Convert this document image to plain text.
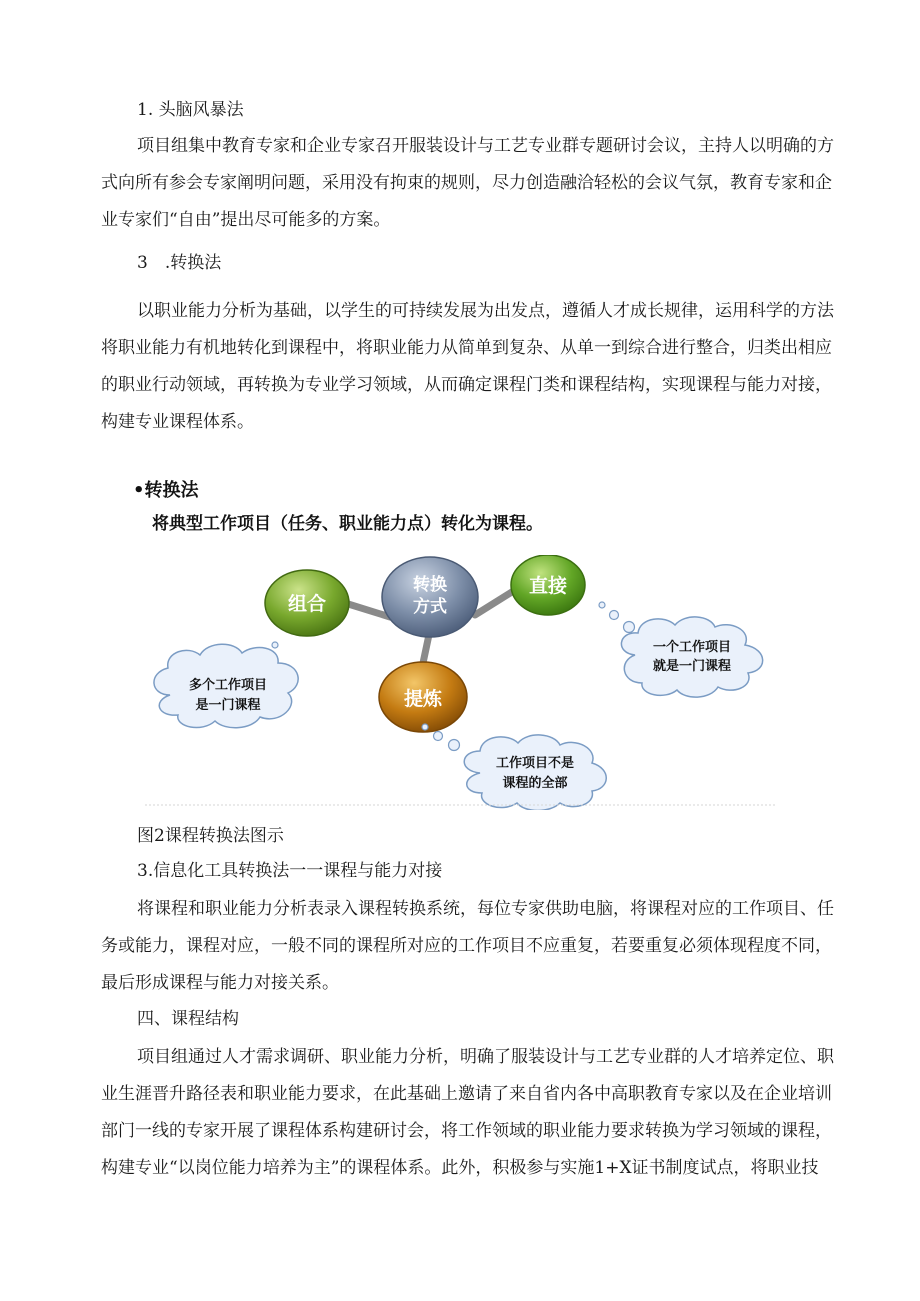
1. 头脑风暴法
项目组集中教育专家和企业专家召开服装设计与工艺专业群专题研讨会议，主持人以明确的方
式向所有参会专家阐明问题，采用没有拘束的规则，尽力创造融洽轻松的会议气氛，教育专家和企
业专家们“自由”提出尽可能多的方案。
3　.转换法
以职业能力分析为基础，以学生的可持续发展为出发点，遵循人才成长规律，运用科学的方法
将职业能力有机地转化到课程中，将职业能力从简单到复杂、从单一到综合进行整合，归类出相应
的职业行动领域，再转换为专业学习领域，从而确定课程门类和课程结构，实现课程与能力对接，
构建专业课程体系。
•转换法
将典型工作项目（任务、职业能力点）转化为课程。
转换
方式
组合
直接
提炼
多个工作项目
是一门课程
一个工作项目
就是一门课程
工作项目不是
课程的全部
图2课程转换法图示
3.信息化工具转换法一一课程与能力对接
将课程和职业能力分析表录入课程转换系统，每位专家供助电脑，将课程对应的工作项目、任
务或能力，课程对应，一般不同的课程所对应的工作项目不应重复，若要重复必须体现程度不同，
最后形成课程与能力对接关系。
四、课程结构
项目组通过人才需求调研、职业能力分析，明确了服装设计与工艺专业群的人才培养定位、职
业生涯晋升路径表和职业能力要求，在此基础上邀请了来自省内各中高职教育专家以及在企业培训
部门一线的专家开展了课程体系构建研讨会，将工作领域的职业能力要求转换为学习领域的课程，
构建专业“以岗位能力培养为主”的课程体系。此外，积极参与实施1+X证书制度试点，将职业技
